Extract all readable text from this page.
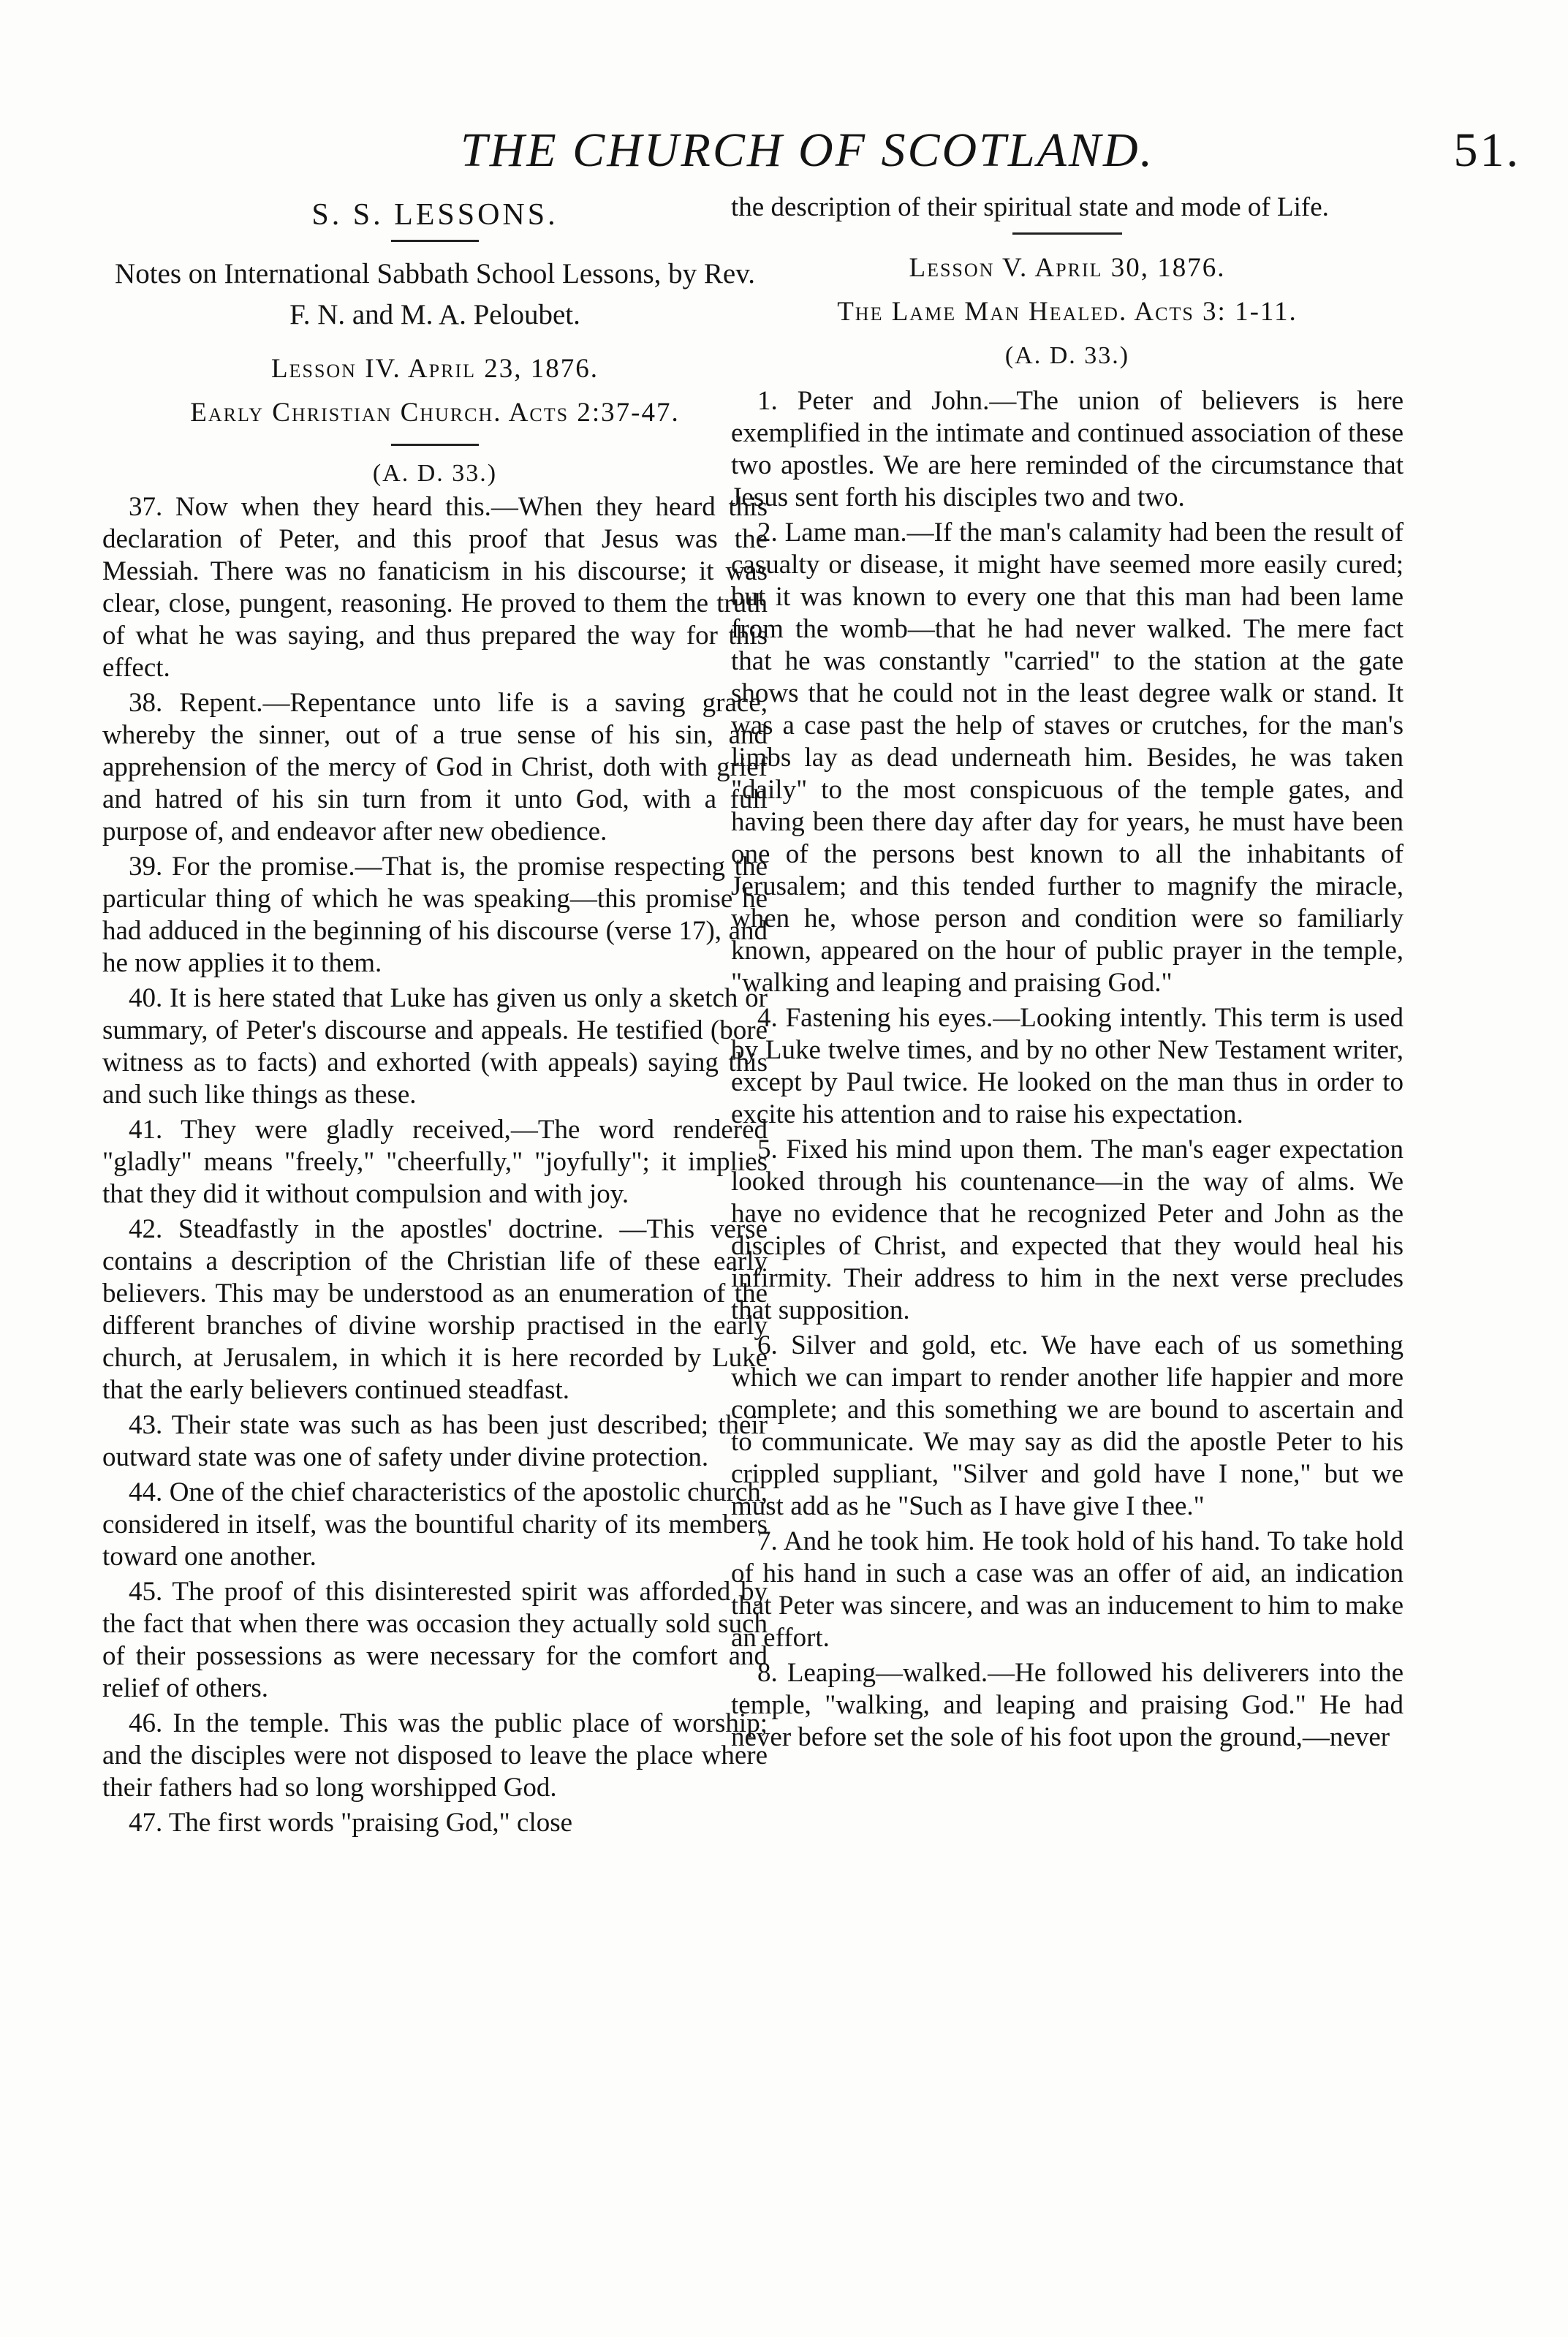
THE CHURCH OF SCOTLAND.	51.
S. S. LESSONS.

Notes on International Sabbath School Lessons, by Rev. F. N. and M. A. Peloubet.

Lesson IV. April 23, 1876.

Early Christian Church. Acts 2:37-47.

(A. D. 33.)

37. Now when they heard this.—When they heard this declaration of Peter, and this proof that Jesus was the Messiah. There was no fanaticism in his discourse; it was clear, close, pungent, reasoning. He proved to them the truth of what he was saying, and thus prepared the way for this effect.

38. Repent.—Repentance unto life is a saving grace, whereby the sinner, out of a true sense of his sin, and apprehension of the mercy of God in Christ, doth with grief and hatred of his sin turn from it unto God, with a full purpose of, and endeavor after new obedience.

39. For the promise.—That is, the promise respecting the particular thing of which he was speaking—this promise he had adduced in the beginning of his discourse (verse 17), and he now applies it to them.

40. It is here stated that Luke has given us only a sketch or summary, of Peter's discourse and appeals. He testified (bore witness as to facts) and exhorted (with appeals) saying this and such like things as these.

41. They were gladly received,—The word rendered "gladly" means "freely," "cheerfully," "joyfully"; it implies that they did it without compulsion and with joy.

42. Steadfastly in the apostles' doctrine. —This verse contains a description of the Christian life of these early believers. This may be understood as an enumeration of the different branches of divine worship practised in the early church, at Jerusalem, in which it is here recorded by Luke that the early believers continued steadfast.

43. Their state was such as has been just described; their outward state was one of safety under divine protection.

44. One of the chief characteristics of the apostolic church, considered in itself, was the bountiful charity of its members toward one another.

45. The proof of this disinterested spirit was afforded by the fact that when there was occasion they actually sold such of their possessions as were necessary for the comfort and relief of others.

46. In the temple. This was the public place of worship; and the disciples were not disposed to leave the place where their fathers had so long worshipped God.

47. The first words "praising God," close

the description of their spiritual state and mode of Life.

Lesson V. April 30, 1876.

The Lame Man Healed. Acts 3: 1-11.

(A. D. 33.)

1. Peter and John.—The union of believers is here exemplified in the intimate and continued association of these two apostles. We are here reminded of the circumstance that Jesus sent forth his disciples two and two.

2. Lame man.—If the man's calamity had been the result of casualty or disease, it might have seemed more easily cured; but it was known to every one that this man had been lame from the womb—that he had never walked. The mere fact that he was constantly "carried" to the station at the gate shows that he could not in the least degree walk or stand. It was a case past the help of staves or crutches, for the man's limbs lay as dead underneath him. Besides, he was taken "daily" to the most conspicuous of the temple gates, and having been there day after day for years, he must have been one of the persons best known to all the inhabitants of Jerusalem; and this tended further to magnify the miracle, when he, whose person and condition were so familiarly known, appeared on the hour of public prayer in the temple, "walking and leaping and praising God."

4. Fastening his eyes.—Looking intently. This term is used by Luke twelve times, and by no other New Testament writer, except by Paul twice. He looked on the man thus in order to excite his attention and to raise his expectation.

5. Fixed his mind upon them. The man's eager expectation looked through his countenance—in the way of alms. We have no evidence that he recognized Peter and John as the disciples of Christ, and expected that they would heal his infirmity. Their address to him in the next verse precludes that supposition.

6. Silver and gold, etc. We have each of us something which we can impart to render another life happier and more complete; and this something we are bound to ascertain and to communicate. We may say as did the apostle Peter to his crippled suppliant, "Silver and gold have I none," but we must add as he "Such as I have give I thee."

7. And he took him. He took hold of his hand. To take hold of his hand in such a case was an offer of aid, an indication that Peter was sincere, and was an inducement to him to make an effort.

8. Leaping—walked.—He followed his deliverers into the temple, "walking, and leaping and praising God." He had never before set the sole of his foot upon the ground,—never
